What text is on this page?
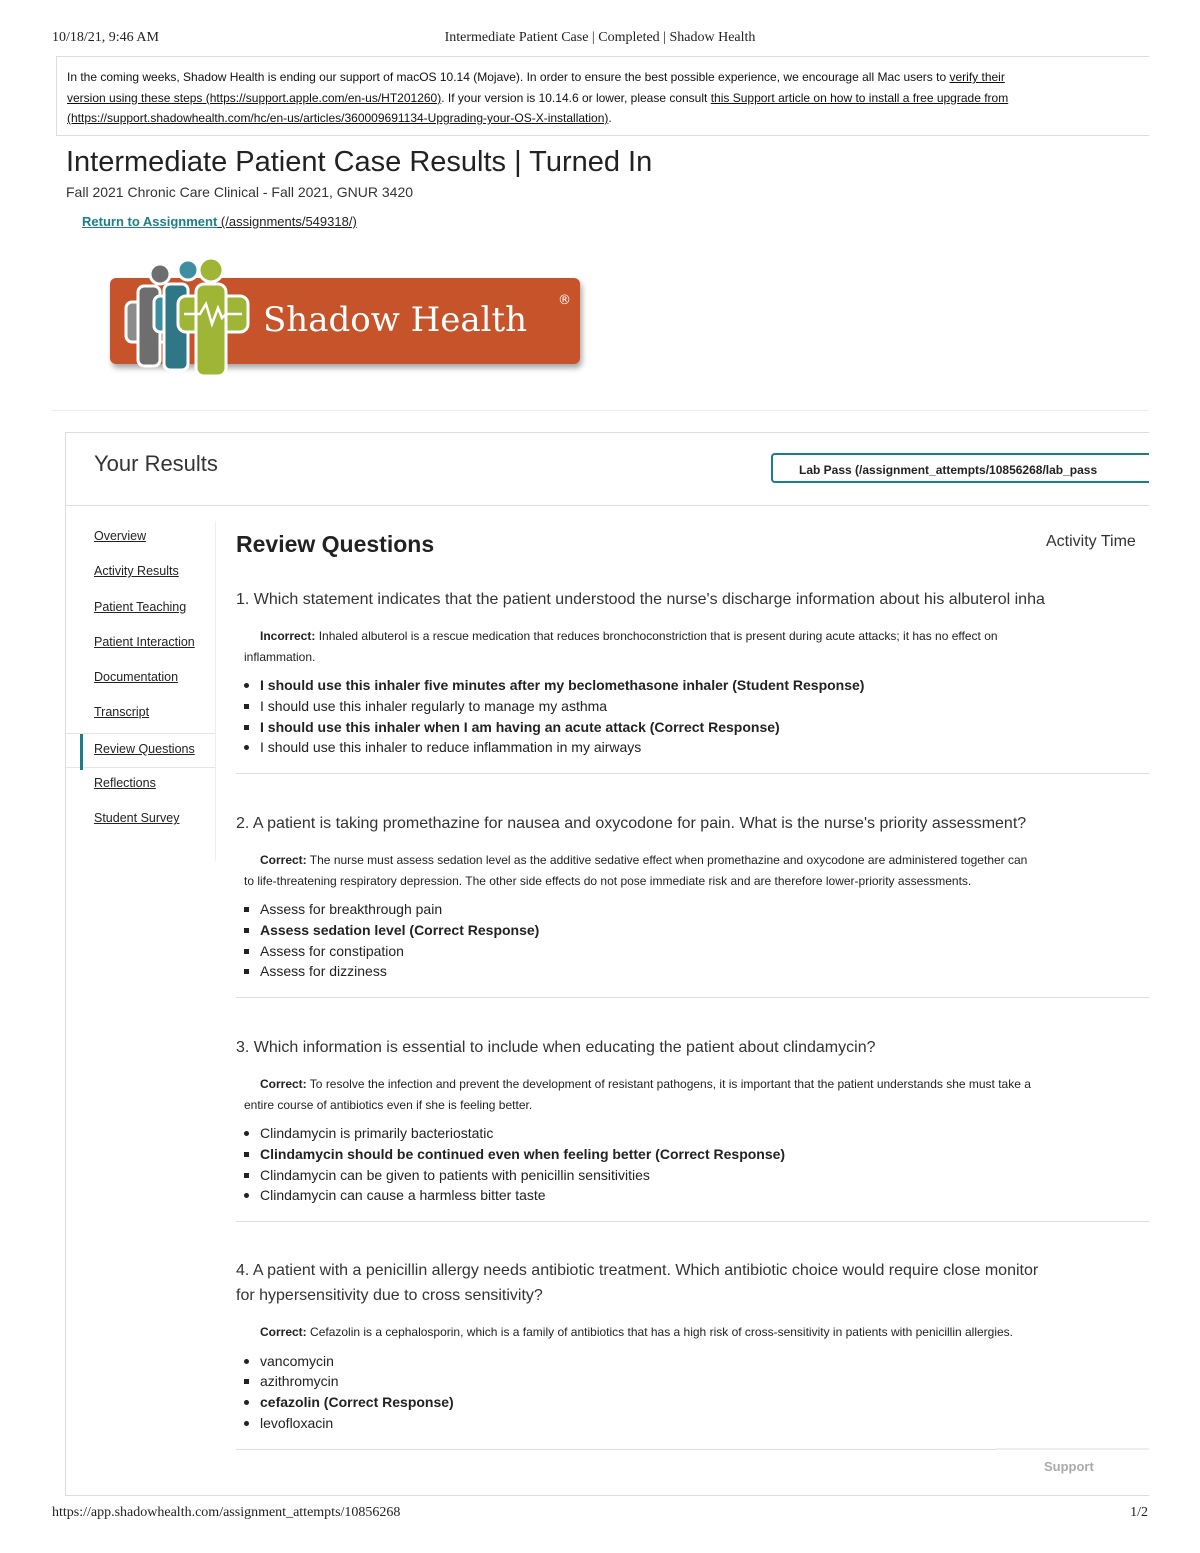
10/18/21, 9:46 AM	Intermediate Patient Case | Completed | Shadow Health
In the coming weeks, Shadow Health is ending our support of macOS 10.14 (Mojave). In order to ensure the best possible experience, we encourage all Mac users to verify their
version using these steps (https://support.apple.com/en-us/HT201260). If your version is 10.14.6 or lower, please consult this Support article on how to install a free upgrade from
(https://support.shadowhealth.com/hc/en-us/articles/360009691134-Upgrading-your-OS-X-installation).
Intermediate Patient Case Results | Turned In
Fall 2021 Chronic Care Clinical - Fall 2021, GNUR 3420
Return to Assignment (/assignments/549318/)
Shadow Health ®
Your Results	Lab Pass (/assignment_attempts/10856268/lab_pass
Overview
Activity Results
Patient Teaching
Patient Interaction
Documentation
Transcript
Review Questions
Reflections
Student Survey
Review Questions	Activity Time
1. Which statement indicates that the patient understood the nurse's discharge information about his albuterol inha
Incorrect: Inhaled albuterol is a rescue medication that reduces bronchoconstriction that is present during acute attacks; it has no effect on
inflammation.
I should use this inhaler five minutes after my beclomethasone inhaler (Student Response)
I should use this inhaler regularly to manage my asthma
I should use this inhaler when I am having an acute attack (Correct Response)
I should use this inhaler to reduce inflammation in my airways
2. A patient is taking promethazine for nausea and oxycodone for pain. What is the nurse's priority assessment?
Correct: The nurse must assess sedation level as the additive sedative effect when promethazine and oxycodone are administered together can
to life-threatening respiratory depression. The other side effects do not pose immediate risk and are therefore lower-priority assessments.
Assess for breakthrough pain
Assess sedation level (Correct Response)
Assess for constipation
Assess for dizziness
3. Which information is essential to include when educating the patient about clindamycin?
Correct: To resolve the infection and prevent the development of resistant pathogens, it is important that the patient understands she must take a
entire course of antibiotics even if she is feeling better.
Clindamycin is primarily bacteriostatic
Clindamycin should be continued even when feeling better (Correct Response)
Clindamycin can be given to patients with penicillin sensitivities
Clindamycin can cause a harmless bitter taste
4. A patient with a penicillin allergy needs antibiotic treatment. Which antibiotic choice would require close monitor
for hypersensitivity due to cross sensitivity?
Correct: Cefazolin is a cephalosporin, which is a family of antibiotics that has a high risk of cross-sensitivity in patients with penicillin allergies.
vancomycin
azithromycin
cefazolin (Correct Response)
levofloxacin
Support
https://app.shadowhealth.com/assignment_attempts/10856268	1/2
